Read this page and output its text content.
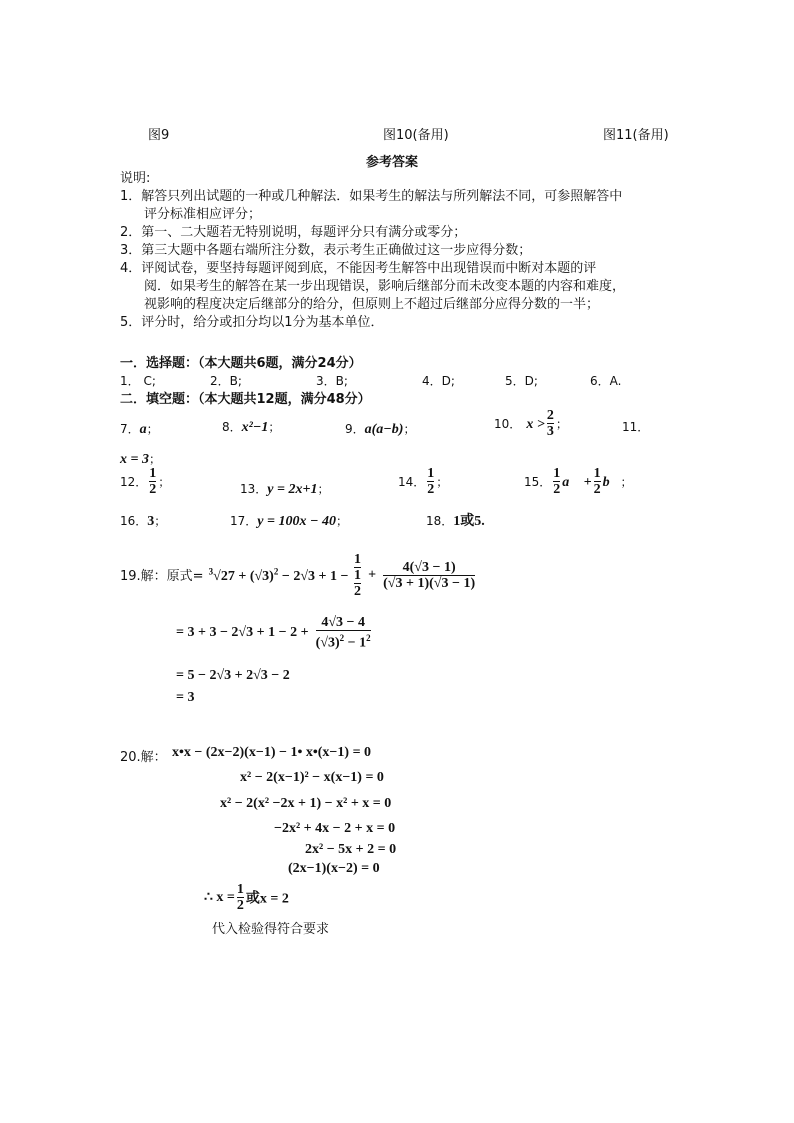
图9	图10(备用)	图11(备用)
参考答案
说明:
1．解答只列出试题的一种或几种解法．如果考生的解法与所列解法不同，可参照解答中
评分标准相应评分；
2．第一、二大题若无特别说明，每题评分只有满分或零分；
3．第三大题中各题右端所注分数，表示考生正确做过这一步应得分数；
4．评阅试卷，要坚持每题评阅到底，不能因考生解答中出现错误而中断对本题的评
阅．如果考生的解答在某一步出现错误，影响后继部分而未改变本题的内容和难度，
视影响的程度决定后继部分的给分，但原则上不超过后继部分应得分数的一半；
5．评分时，给分或扣分均以1分为基本单位．
一．选择题：（本大题共6题，满分24分）
1． C;	2．B;	3．B;	4．D;	5．D;	6．A.
二．填空题：（本大题共12题，满分48分）
7．a；	8．x²−1；	9．a(a−b)；	10． $x > \frac{2}{3}$ ；	11．
x = 3；
12． $\frac{1}{2}$ ；	13．y = 2x+1；	14． $\frac{1}{2}$ ；	15． $\frac{1}{2}$ a⃗ + $\frac{1}{2}$ b⃗；
16．3；	17．y = 100x − 40；	18．1或5.
19.解：原式= $^3√27 + (√3)^2 - 2√3 + 1 - 1$
1
$2 + \frac{4(√3 - 1)}{(√3 + 1)(√3 - 1)}$
= $3 + 3 - 2√3 + 1 - 2 + \frac{4√3 - 4}{(√3)^2 - 1^2}$
= 5 − 2√3 + 2√3 − 2
= 3
20.解： x•x − (2x−2)(x−1) − 1• x•(x−1) = 0
x² − 2(x−1)² − x(x−1) = 0
x² − 2(x² −2x + 1) − x² + x = 0
−2x² + 4x − 2 + x = 0
2x² − 5x + 2 = 0
(2x−1)(x−2) = 0
∴ $x = \frac{1}{2}$ 或x = 2
代入检验得符合要求
